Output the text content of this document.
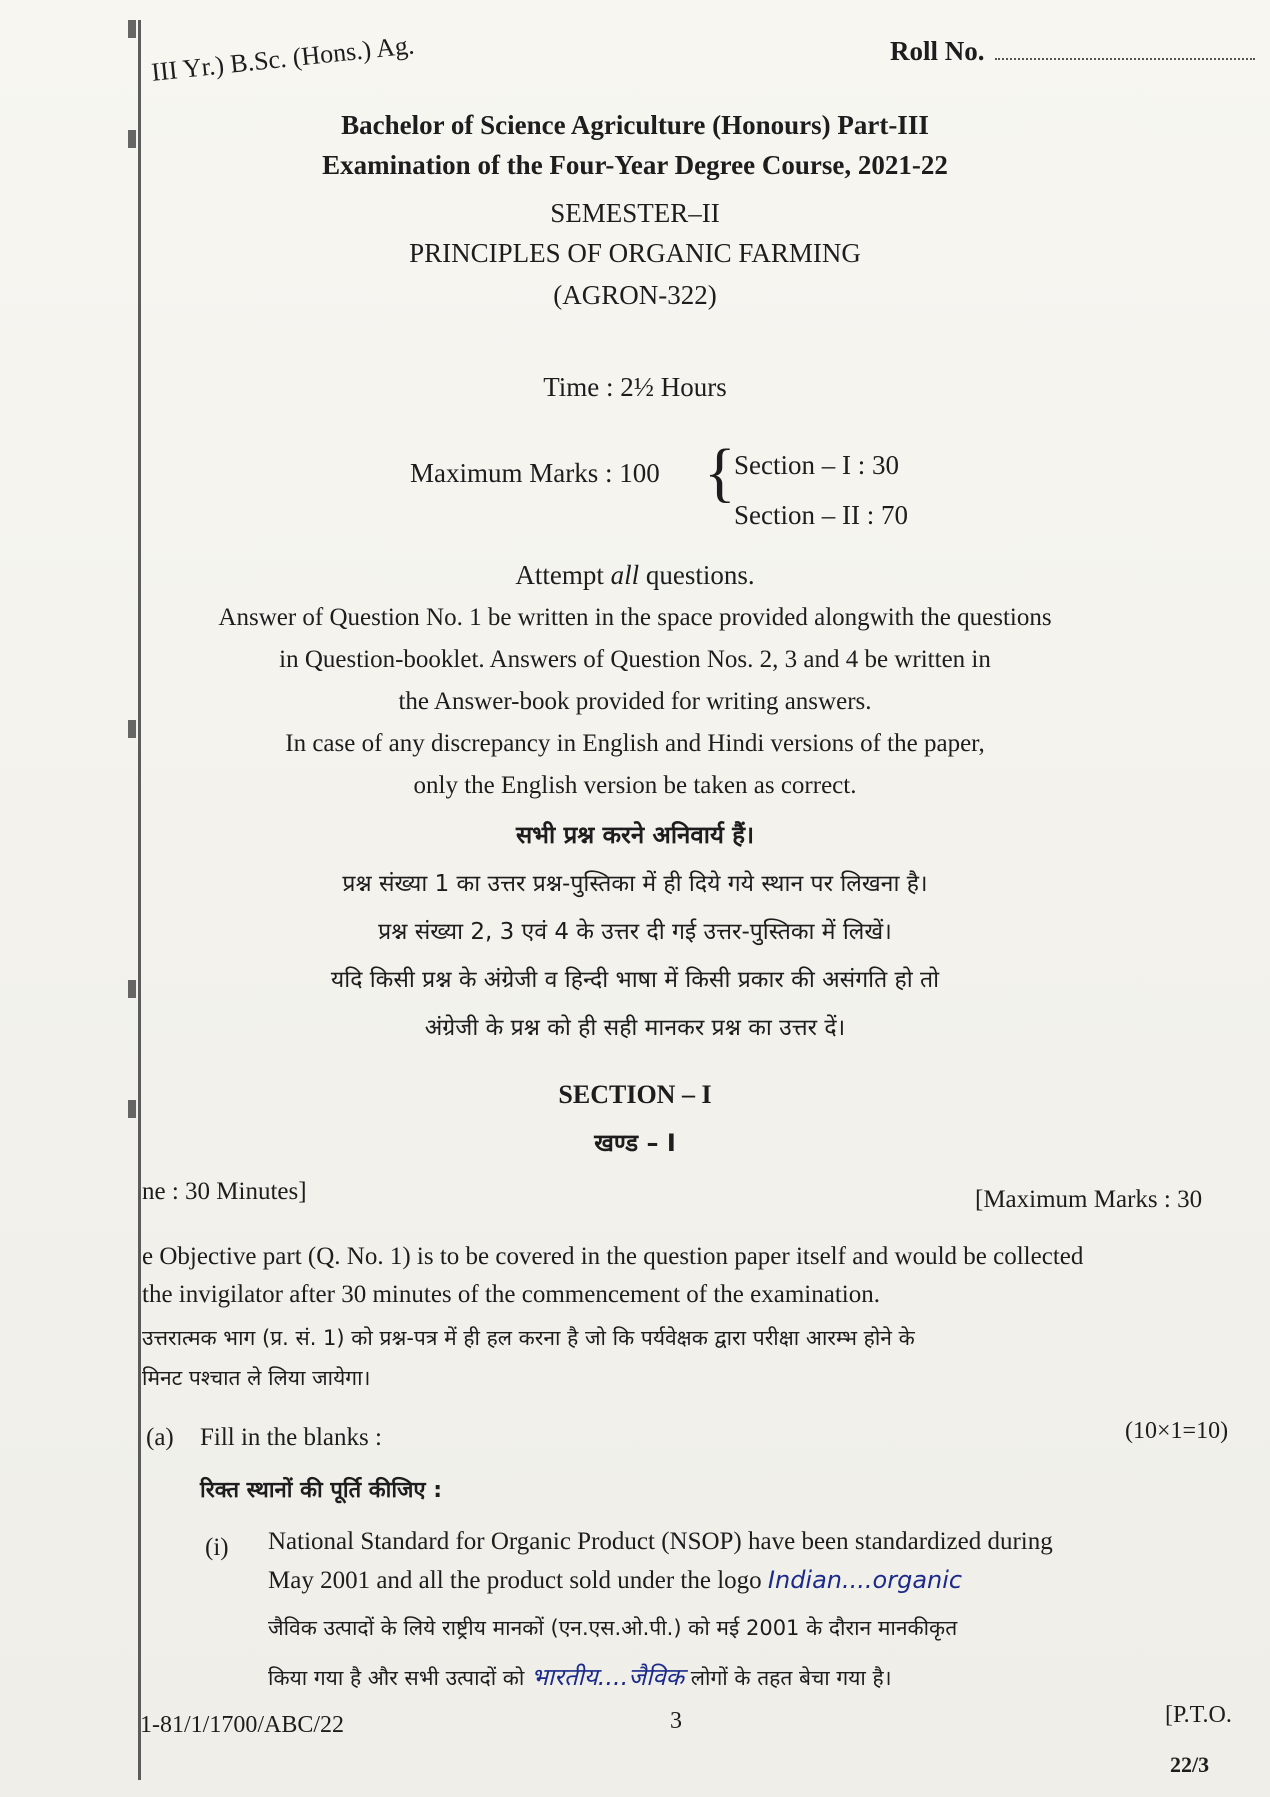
Roll No.
III Yr.) B.Sc. (Hons.) Ag.
Bachelor of Science Agriculture (Honours) Part-III
Examination of the Four-Year Degree Course, 2021-22
SEMESTER–II
PRINCIPLES OF ORGANIC FARMING
(AGRON-322)
Time : 2½ Hours
Maximum Marks : 100 {
Section – I : 30
Section – II : 70
Attempt all questions.
Answer of Question No. 1 be written in the space provided alongwith the questions
in Question-booklet. Answers of Question Nos. 2, 3 and 4 be written in
the Answer-book provided for writing answers.
In case of any discrepancy in English and Hindi versions of the paper,
only the English version be taken as correct.
सभी प्रश्न करने अनिवार्य हैं।
प्रश्न संख्या 1 का उत्तर प्रश्न-पुस्तिका में ही दिये गये स्थान पर लिखना है।
प्रश्न संख्या 2, 3 एवं 4 के उत्तर दी गई उत्तर-पुस्तिका में लिखें।
यदि किसी प्रश्न के अंग्रेजी व हिन्दी भाषा में किसी प्रकार की असंगति हो तो
अंग्रेजी के प्रश्न को ही सही मानकर प्रश्न का उत्तर दें।
SECTION – I
खण्ड – I
ne : 30 Minutes]	[Maximum Marks : 30
e Objective part (Q. No. 1) is to be covered in the question paper itself and would be collected
the invigilator after 30 minutes of the commencement of the examination.
उत्तरात्मक भाग (प्र. सं. 1) को प्रश्न-पत्र में ही हल करना है जो कि पर्यवेक्षक द्वारा परीक्षा आरम्भ होने के
मिनट पश्चात ले लिया जायेगा।
(a) Fill in the blanks :	(10×1=10)
रिक्त स्थानों की पूर्ति कीजिए :
(i) National Standard for Organic Product (NSOP) have been standardized during
May 2001 and all the product sold under the logo Indian....organic
जैविक उत्पादों के लिये राष्ट्रीय मानकों (एन.एस.ओ.पी.) को मई 2001 के दौरान मानकीकृत
किया गया है और सभी उत्पादों को भारतीय....जैविक लोगों के तहत बेचा गया है।
1-81/1/1700/ABC/22	3	[P.T.O.
22/3
